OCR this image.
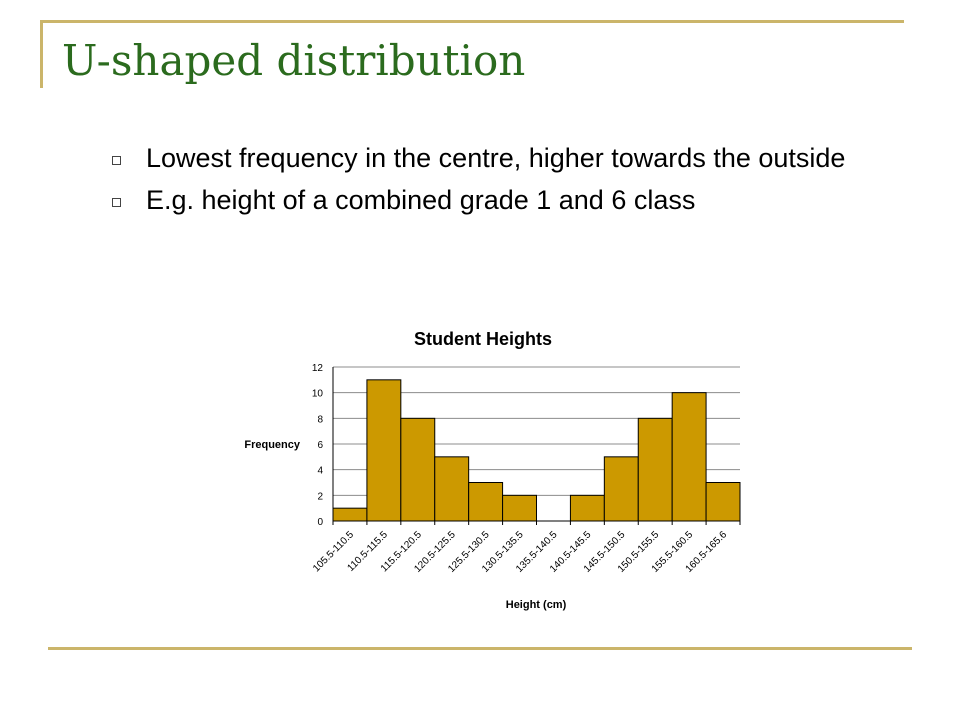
U-shaped distribution
Lowest frequency in the centre, higher towards the outside
E.g. height of a combined grade 1 and 6 class
Student Heights
Frequency
Height (cm)
0
2
4
6
8
10
12
105.5-110.5
110.5-115.5
115.5-120.5
120.5-125.5
125.5-130.5
130.5-135.5
135.5-140.5
140.5-145.5
145.5-150.5
150.5-155.5
155.5-160.5
160.5-165.6
